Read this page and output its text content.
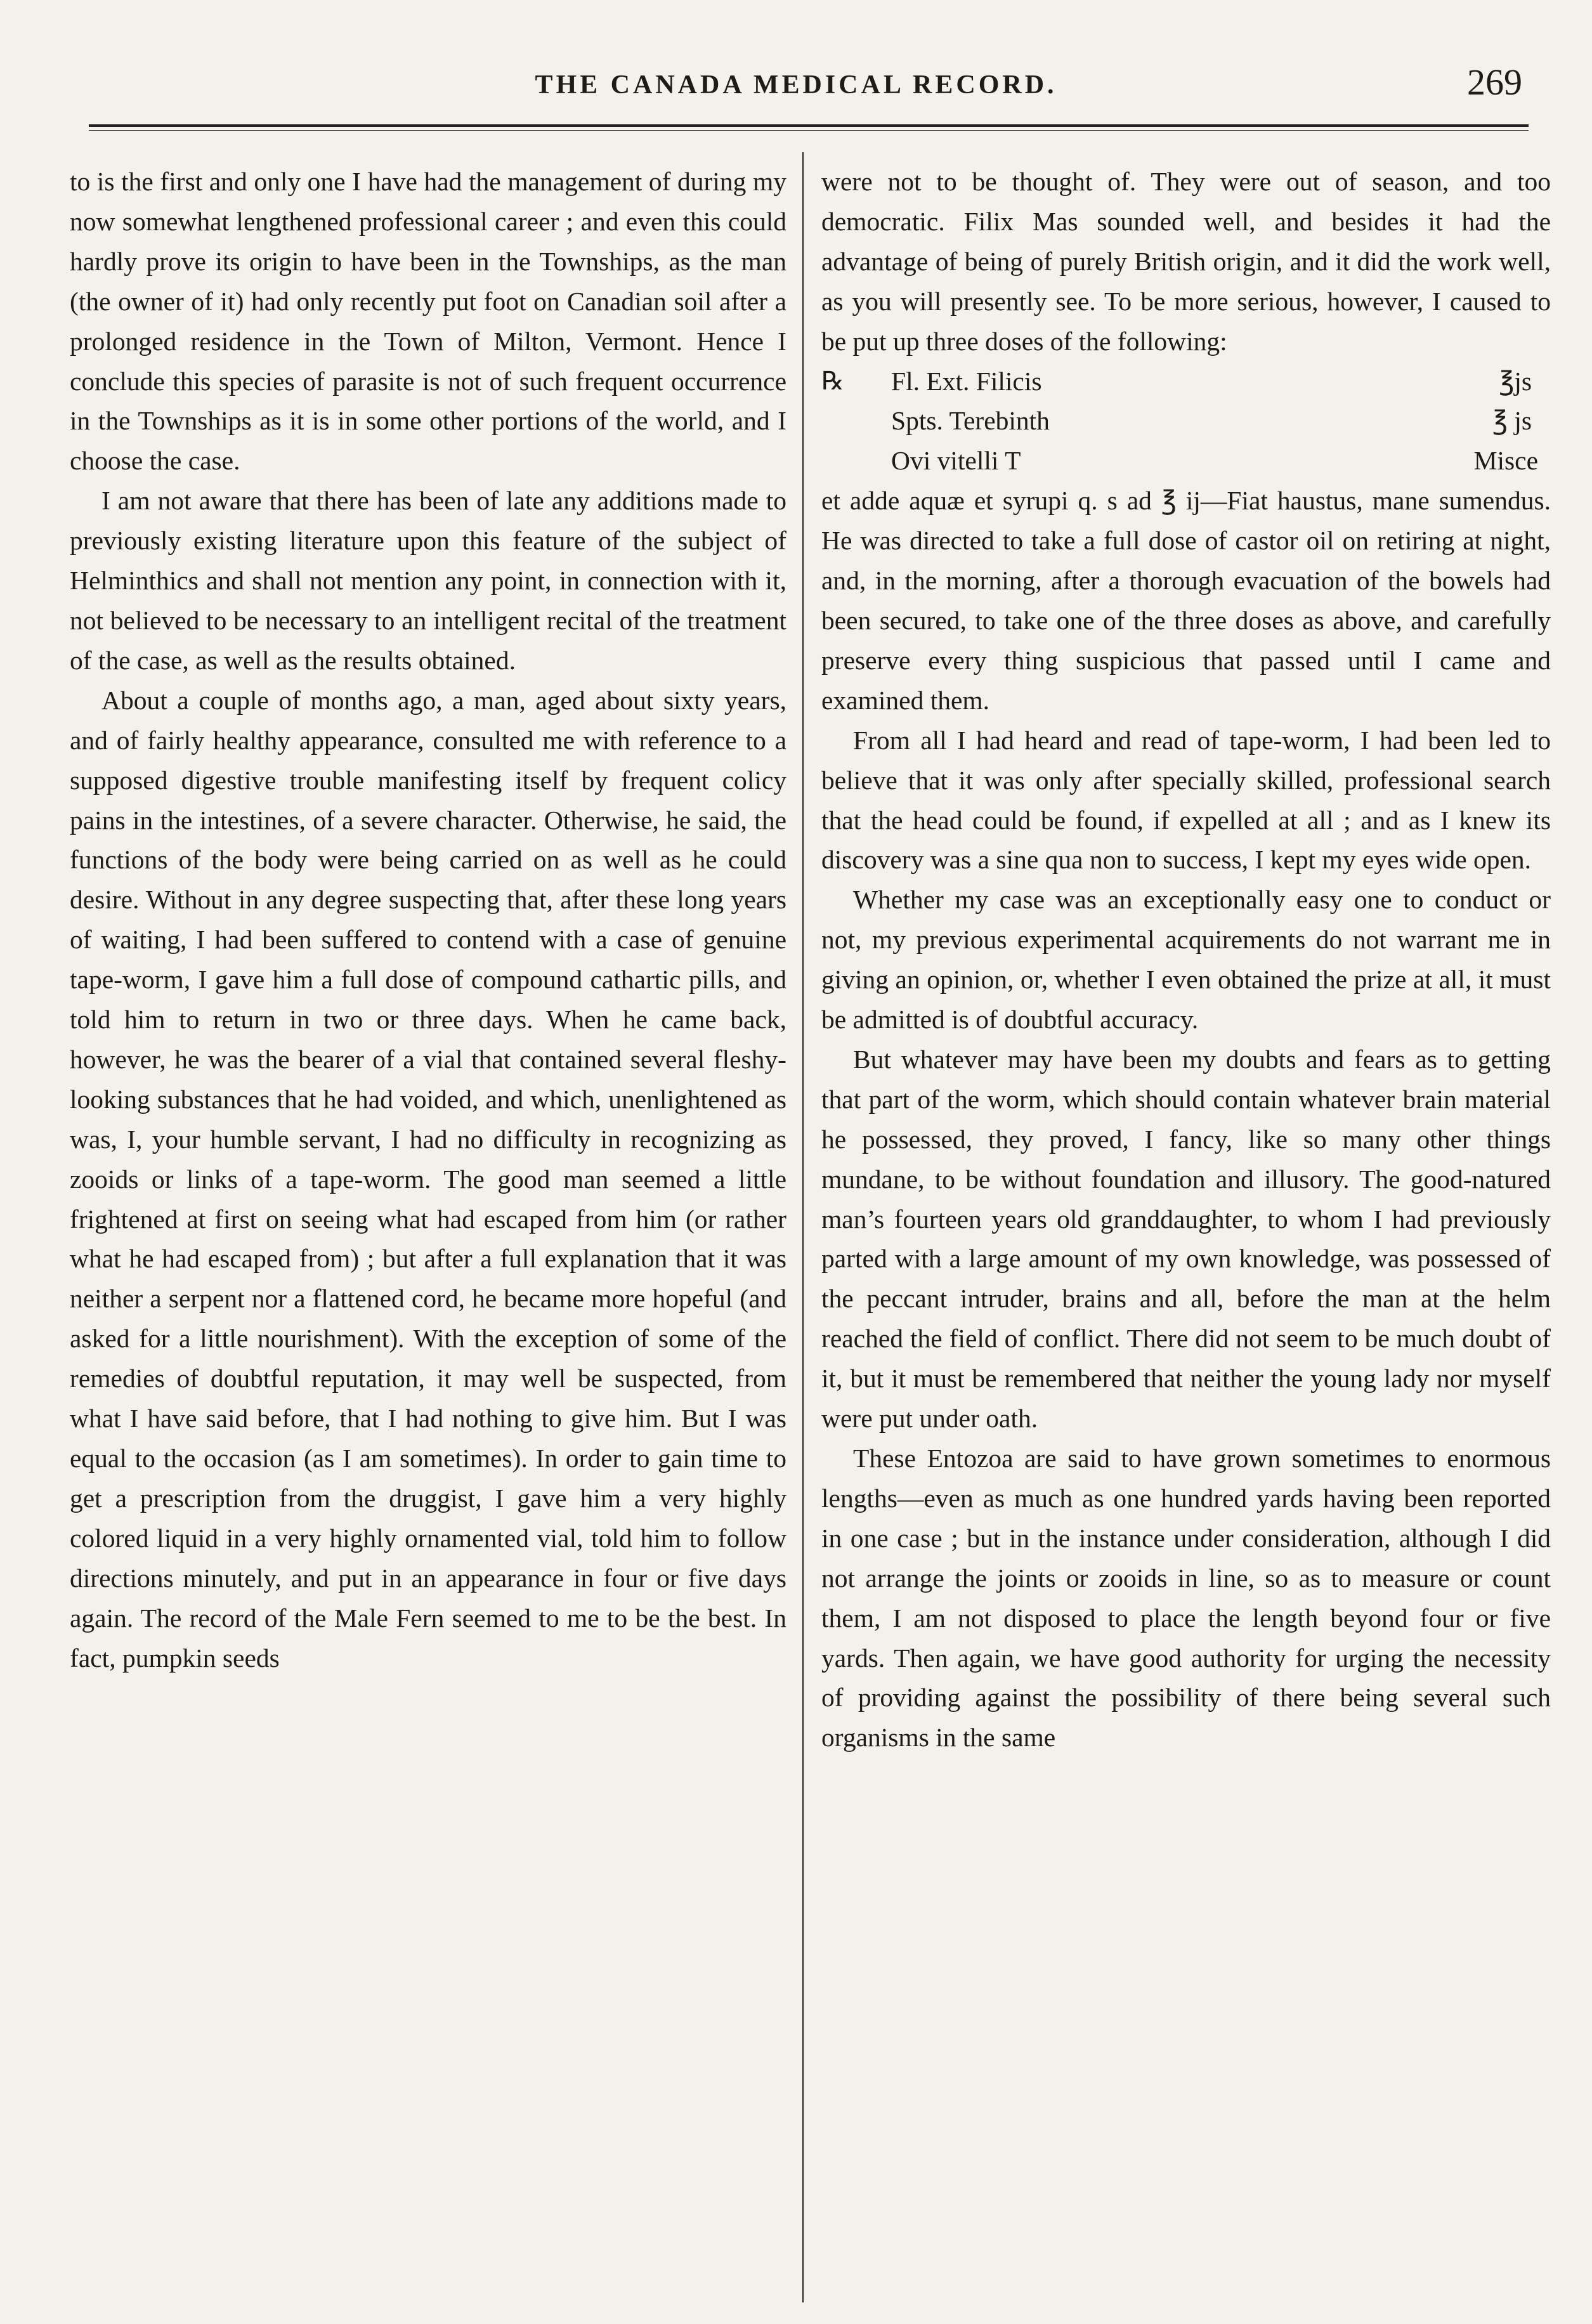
THE CANADA MEDICAL RECORD.	269

to is the first and only one I have had the management of during my now somewhat lengthened professional career ; and even this could hardly prove its origin to have been in the Townships, as the man (the owner of it) had only recently put foot on Canadian soil after a prolonged residence in the Town of Milton, Vermont. Hence I conclude this species of parasite is not of such frequent occurrence in the Townships as it is in some other portions of the world, and I choose the case.

I am not aware that there has been of late any additions made to previously existing literature upon this feature of the subject of Helminthics and shall not mention any point, in connection with it, not believed to be necessary to an intelligent recital of the treatment of the case, as well as the results obtained.

About a couple of months ago, a man, aged about sixty years, and of fairly healthy appearance, consulted me with reference to a supposed digestive trouble manifesting itself by frequent colicy pains in the intestines, of a severe character. Otherwise, he said, the functions of the body were being carried on as well as he could desire. Without in any degree suspecting that, after these long years of waiting, I had been suffered to contend with a case of genuine tape-worm, I gave him a full dose of compound cathartic pills, and told him to return in two or three days. When he came back, however, he was the bearer of a vial that contained several fleshy-looking substances that he had voided, and which, unenlightened as was, I, your humble servant, I had no difficulty in recognizing as zooids or links of a tape-worm. The good man seemed a little frightened at first on seeing what had escaped from him (or rather what he had escaped from) ; but after a full explanation that it was neither a serpent nor a flattened cord, he became more hopeful (and asked for a little nourishment). With the exception of some of the remedies of doubtful reputation, it may well be suspected, from what I have said before, that I had nothing to give him. But I was equal to the occasion (as I am sometimes). In order to gain time to get a prescription from the druggist, I gave him a very highly colored liquid in a very highly ornamented vial, told him to follow directions minutely, and put in an appearance in four or five days again. The record of the Male Fern seemed to me to be the best. In fact, pumpkin seeds

were not to be thought of. They were out of season, and too democratic. Filix Mas sounded well, and besides it had the advantage of being of purely British origin, and it did the work well, as you will presently see. To be more serious, however, I caused to be put up three doses of the following:

℞	Fl. Ext. Filicis	℥js
Spts. Terebinth	℥ js
Ovi vitelli T	Misce

et adde aquæ et syrupi q. s ad ℥ ij—Fiat haustus, mane sumendus. He was directed to take a full dose of castor oil on retiring at night, and, in the morning, after a thorough evacuation of the bowels had been secured, to take one of the three doses as above, and carefully preserve every thing suspicious that passed until I came and examined them.

From all I had heard and read of tape-worm, I had been led to believe that it was only after specially skilled, professional search that the head could be found, if expelled at all ; and as I knew its discovery was a sine qua non to success, I kept my eyes wide open.

Whether my case was an exceptionally easy one to conduct or not, my previous experimental acquirements do not warrant me in giving an opinion, or, whether I even obtained the prize at all, it must be admitted is of doubtful accuracy.

But whatever may have been my doubts and fears as to getting that part of the worm, which should contain whatever brain material he possessed, they proved, I fancy, like so many other things mundane, to be without foundation and illusory. The good-natured man’s fourteen years old granddaughter, to whom I had previously parted with a large amount of my own knowledge, was possessed of the peccant intruder, brains and all, before the man at the helm reached the field of conflict. There did not seem to be much doubt of it, but it must be remembered that neither the young lady nor myself were put under oath.

These Entozoa are said to have grown sometimes to enormous lengths—even as much as one hundred yards having been reported in one case ; but in the instance under consideration, although I did not arrange the joints or zooids in line, so as to measure or count them, I am not disposed to place the length beyond four or five yards. Then again, we have good authority for urging the necessity of providing against the possibility of there being several such organisms in the same
